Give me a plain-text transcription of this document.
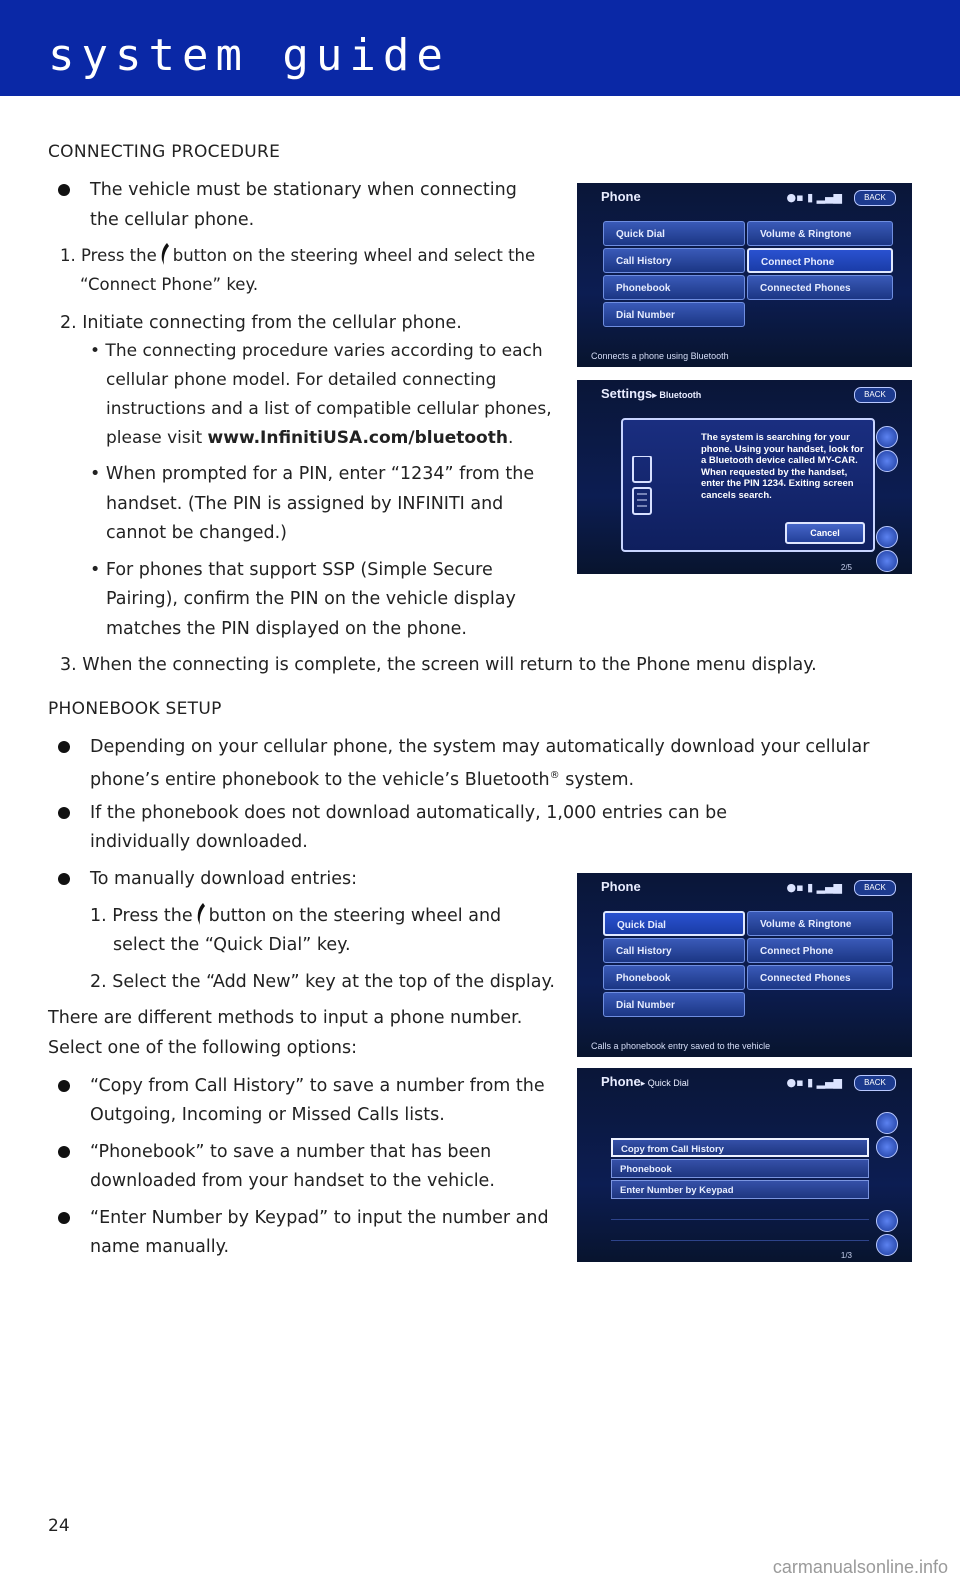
system guide
CONNECTING PROCEDURE
The vehicle must be stationary when connecting
the cellular phone.
1. Press the button on the steering wheel and select the
“Connect Phone” key.
2. Initiate connecting from the cellular phone.
• The connecting procedure varies according to each
cellular phone model. For detailed connecting
instructions and a list of compatible cellular phones,
please visit www.InfinitiUSA.com/bluetooth.
• When prompted for a PIN, enter “1234” from the
handset. (The PIN is assigned by INFINITI and
cannot be changed.)
• For phones that support SSP (Simple Secure
Pairing), confirm the PIN on the vehicle display
matches the PIN displayed on the phone.
3. When the connecting is complete, the screen will return to the Phone menu display.
PHONEBOOK SETUP
Depending on your cellular phone, the system may automatically download your cellular
phone’s entire phonebook to the vehicle’s Bluetooth® system.
If the phonebook does not download automatically, 1,000 entries can be
individually downloaded.
To manually download entries:
1. Press the button on the steering wheel and
select the “Quick Dial” key.
2. Select the “Add New” key at the top of the display.
There are different methods to input a phone number.
Select one of the following options:
“Copy from Call History” to save a number from the
Outgoing, Incoming or Missed Calls lists.
“Phonebook” to save a number that has been
downloaded from your handset to the vehicle.
“Enter Number by Keypad” to input the number and
name manually.
Phone	●▪ ▮ ▂▄▆	BACK
Quick Dial
Call History
Phonebook
Dial Number
Volume & Ringtone
Connect Phone
Connected Phones
Connects a phone using Bluetooth
Settings▸ Bluetooth	BACK
The system is searching for your phone. Using your handset, look for a Bluetooth device called MY-CAR. When requested by the handset, enter the PIN 1234. Exiting screen cancels search.
Cancel
2/5
Phone	●▪ ▮ ▂▄▆	BACK
Quick Dial
Call History
Phonebook
Dial Number
Volume & Ringtone
Connect Phone
Connected Phones
Calls a phonebook entry saved to the vehicle
Phone▸ Quick Dial	●▪ ▮ ▂▄▆	BACK
Copy from Call History
Phonebook
Enter Number by Keypad
1/3
24
carmanualsonline.info
